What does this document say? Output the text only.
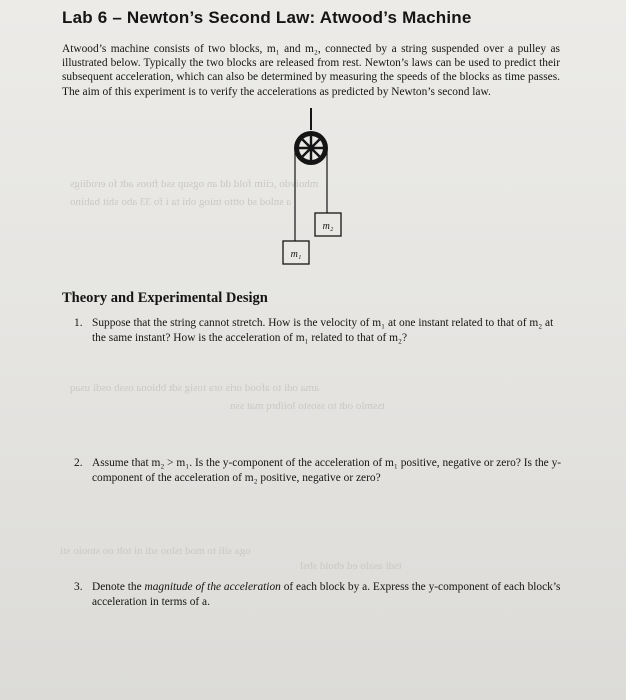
mhoivdo ,ciim fold dd an ogsup ssd ftoos adt fo erodiigs
a snlod sd ottto tniog ohi ta i fo 33 abo shit babino
ama odi to afood oris ora tosig sdt bbiona ossb osdi usaq
tssmlo odt to ssosto loiibrq mat ssn
oga sili to mod tsloo sdi ni tolt oo stooio sti
tsdi asalo ed eboid sbsl
Lab 6 – Newton’s Second Law: Atwood’s Machine

Atwood’s machine consists of two blocks, m₁ and m₂, connected by a string suspended over a pulley as illustrated below. Typically the two blocks are released from rest. Newton’s laws can be used to predict their subsequent acceleration, which can also be determined by measuring the speeds of the blocks as time passes. The aim of this experiment is to verify the accelerations as predicted by Newton’s second law.

m₂
m₁
Theory and Experimental Design
1. Suppose that the string cannot stretch. How is the velocity of m₁ at one instant related to that of m₂ at the same instant? How is the acceleration of m₁ related to that of m₂?
2. Assume that m₂ > m₁. Is the y-component of the acceleration of m₁ positive, negative or zero? Is the y-component of the acceleration of m₂ positive, negative or zero?
3. Denote the magnitude of the acceleration of each block by a. Express the y-component of each block’s acceleration in terms of a.
